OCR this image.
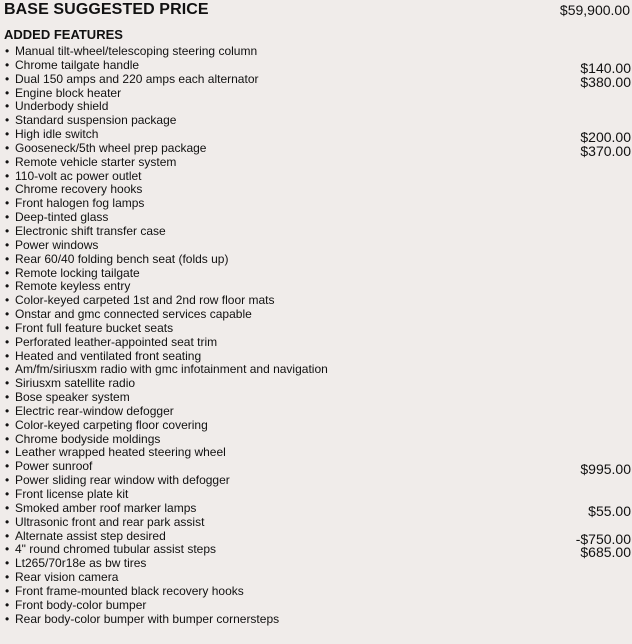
BASE SUGGESTED PRICE	$59,900.00
ADDED FEATURES
• Manual tilt-wheel/telescoping steering column
• Chrome tailgate handle	$140.00
• Dual 150 amps and 220 amps each alternator	$380.00
• Engine block heater
• Underbody shield
• Standard suspension package
• High idle switch	$200.00
• Gooseneck/5th wheel prep package	$370.00
• Remote vehicle starter system
• 110-volt ac power outlet
• Chrome recovery hooks
• Front halogen fog lamps
• Deep-tinted glass
• Electronic shift transfer case
• Power windows
• Rear 60/40 folding bench seat (folds up)
• Remote locking tailgate
• Remote keyless entry
• Color-keyed carpeted 1st and 2nd row floor mats
• Onstar and gmc connected services capable
• Front full feature bucket seats
• Perforated leather-appointed seat trim
• Heated and ventilated front seating
• Am/fm/siriusxm radio with gmc infotainment and navigation
• Siriusxm satellite radio
• Bose speaker system
• Electric rear-window defogger
• Color-keyed carpeting floor covering
• Chrome bodyside moldings
• Leather wrapped heated steering wheel
• Power sunroof	$995.00
• Power sliding rear window with defogger
• Front license plate kit
• Smoked amber roof marker lamps	$55.00
• Ultrasonic front and rear park assist
• Alternate assist step desired	-$750.00
• 4" round chromed tubular assist steps	$685.00
• Lt265/70r18e as bw tires
• Rear vision camera
• Front frame-mounted black recovery hooks
• Front body-color bumper
• Rear body-color bumper with bumper cornersteps
